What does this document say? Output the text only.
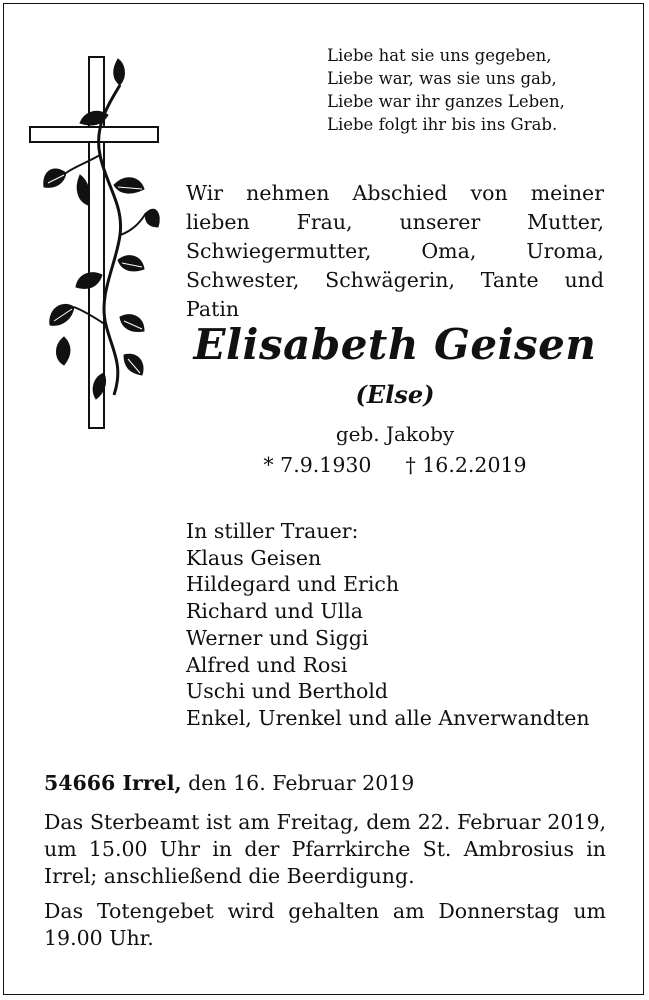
Liebe hat sie uns gegeben,
Liebe war, was sie uns gab,
Liebe war ihr ganzes Leben,
Liebe folgt ihr bis ins Grab.
Wir nehmen Abschied von meiner lieben Frau, unserer Mutter, Schwiegermutter, Oma, Uroma, Schwester, Schwägerin, Tante und Patin
Elisabeth Geisen
(Else)
geb. Jakoby
* 7.9.1930 † 16.2.2019
In stiller Trauer:
Klaus Geisen
Hildegard und Erich
Richard und Ulla
Werner und Siggi
Alfred und Rosi
Uschi und Berthold
Enkel, Urenkel und alle Anverwandten
54666 Irrel, den 16. Februar 2019

Das Sterbeamt ist am Freitag, dem 22. Februar 2019, um 15.00 Uhr in der Pfarrkirche St. Ambrosius in Irrel; anschließend die Beerdigung.

Das Totengebet wird gehalten am Donnerstag um 19.00 Uhr.
